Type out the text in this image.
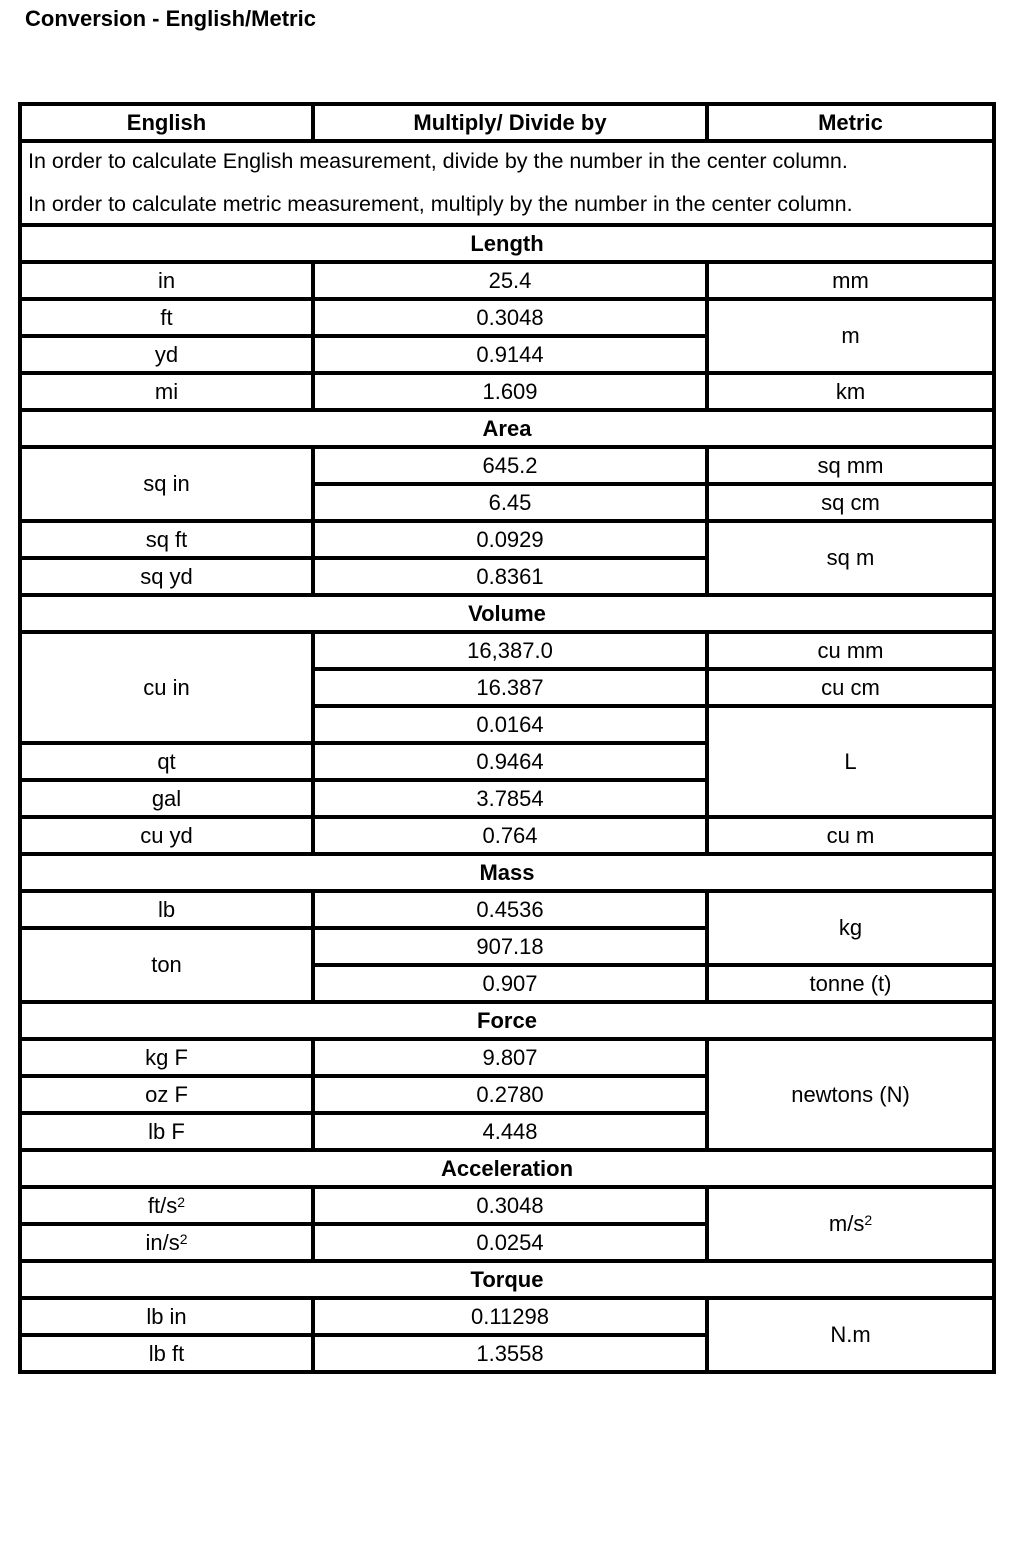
Conversion - English/Metric
English	Multiply/ Divide by	Metric

In order to calculate English measurement, divide by the number in the center column.

In order to calculate metric measurement, multiply by the number in the center column.		

Length		
in	25.4	mm
ft	0.3048	m
yd	0.9144	
mi	1.609	km
Area		
sq in	645.2	sq mm
	6.45	sq cm
sq ft	0.0929	sq m
sq yd	0.8361	
Volume		
cu in	16,387.0	cu mm
	16.387	cu cm
	0.0164	L
qt	0.9464	
gal	3.7854	
cu yd	0.764	cu m
Mass		
lb	0.4536	kg
ton	907.18	
	0.907	tonne (t)
Force		
kg F	9.807	newtons (N)
oz F	0.2780	
lb F	4.448	
Acceleration		
$ft/s^2$	0.3048	$m/s^2$
$in/s^2$	0.0254	
Torque		
lb in	0.11298	N.m
lb ft	1.3558	
